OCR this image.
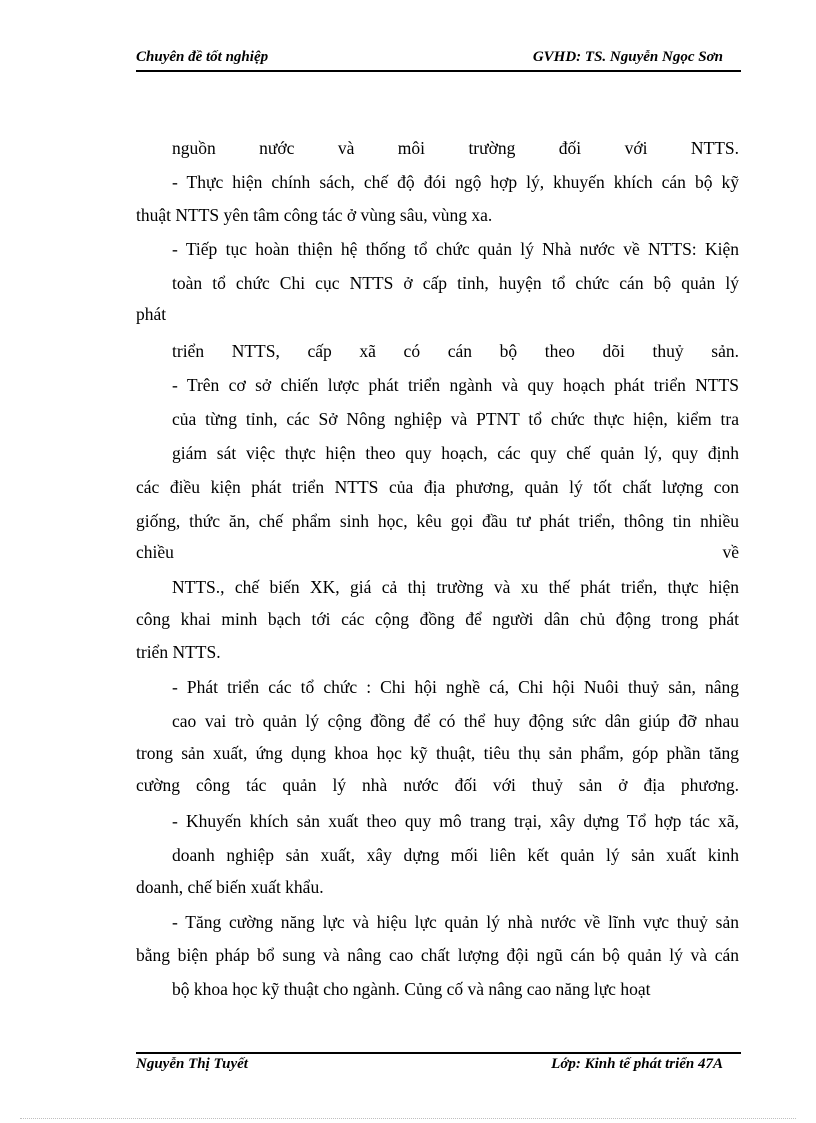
Chuyên đề tốt nghiệp	GVHD: TS. Nguyễn Ngọc Sơn
nguồn nước và môi trường đối với NTTS.
- Thực hiện chính sách, chế độ đói ngộ hợp lý, khuyến khích cán bộ kỹ
thuật NTTS yên tâm công tác ở vùng sâu, vùng xa.
- Tiếp tục hoàn thiện hệ thống tổ chức quản lý Nhà nước về NTTS: Kiện
toàn tổ chức Chi cục NTTS ở cấp tỉnh, huyện tổ chức cán bộ quản lý
phát
triển NTTS, cấp xã có cán bộ theo dõi thuỷ sản.
- Trên cơ sở chiến lược phát triển ngành và quy hoạch phát triển NTTS
của từng tỉnh, các Sở Nông nghiệp và PTNT tổ chức thực hiện, kiểm tra
giám sát việc thực hiện theo quy hoạch, các quy chế quản lý, quy định
các điều kiện phát triển NTTS của địa phương, quản lý tốt chất lượng con
giống, thức ăn, chế phẩm sinh học, kêu gọi đầu tư phát triển, thông tin nhiều
chiều về
NTTS., chế biến XK, giá cả thị trường và xu thế phát triển, thực hiện
công khai minh bạch tới các cộng đồng để người dân chủ động trong phát
triển NTTS.
- Phát triển các tổ chức : Chi hội nghề cá, Chi hội Nuôi thuỷ sản, nâng
cao vai trò quản lý cộng đồng để có thể huy động sức dân giúp đỡ nhau
trong sản xuất, ứng dụng khoa học kỹ thuật, tiêu thụ sản phẩm, góp phần tăng
cường công tác quản lý nhà nước đối với thuỷ sản ở địa phương.
- Khuyến khích sản xuất theo quy mô trang trại, xây dựng Tổ hợp tác xã,
doanh nghiệp sản xuất, xây dựng mối liên kết quản lý sản xuất kinh
doanh, chế biến xuất khẩu.
- Tăng cường năng lực và hiệu lực quản lý nhà nước về lĩnh vực thuỷ sản
bằng biện pháp bổ sung và nâng cao chất lượng đội ngũ cán bộ quản lý và cán
bộ khoa học kỹ thuật cho ngành. Củng cố và nâng cao năng lực hoạt
Nguyễn Thị Tuyết	Lớp: Kinh tế phát triển 47A
